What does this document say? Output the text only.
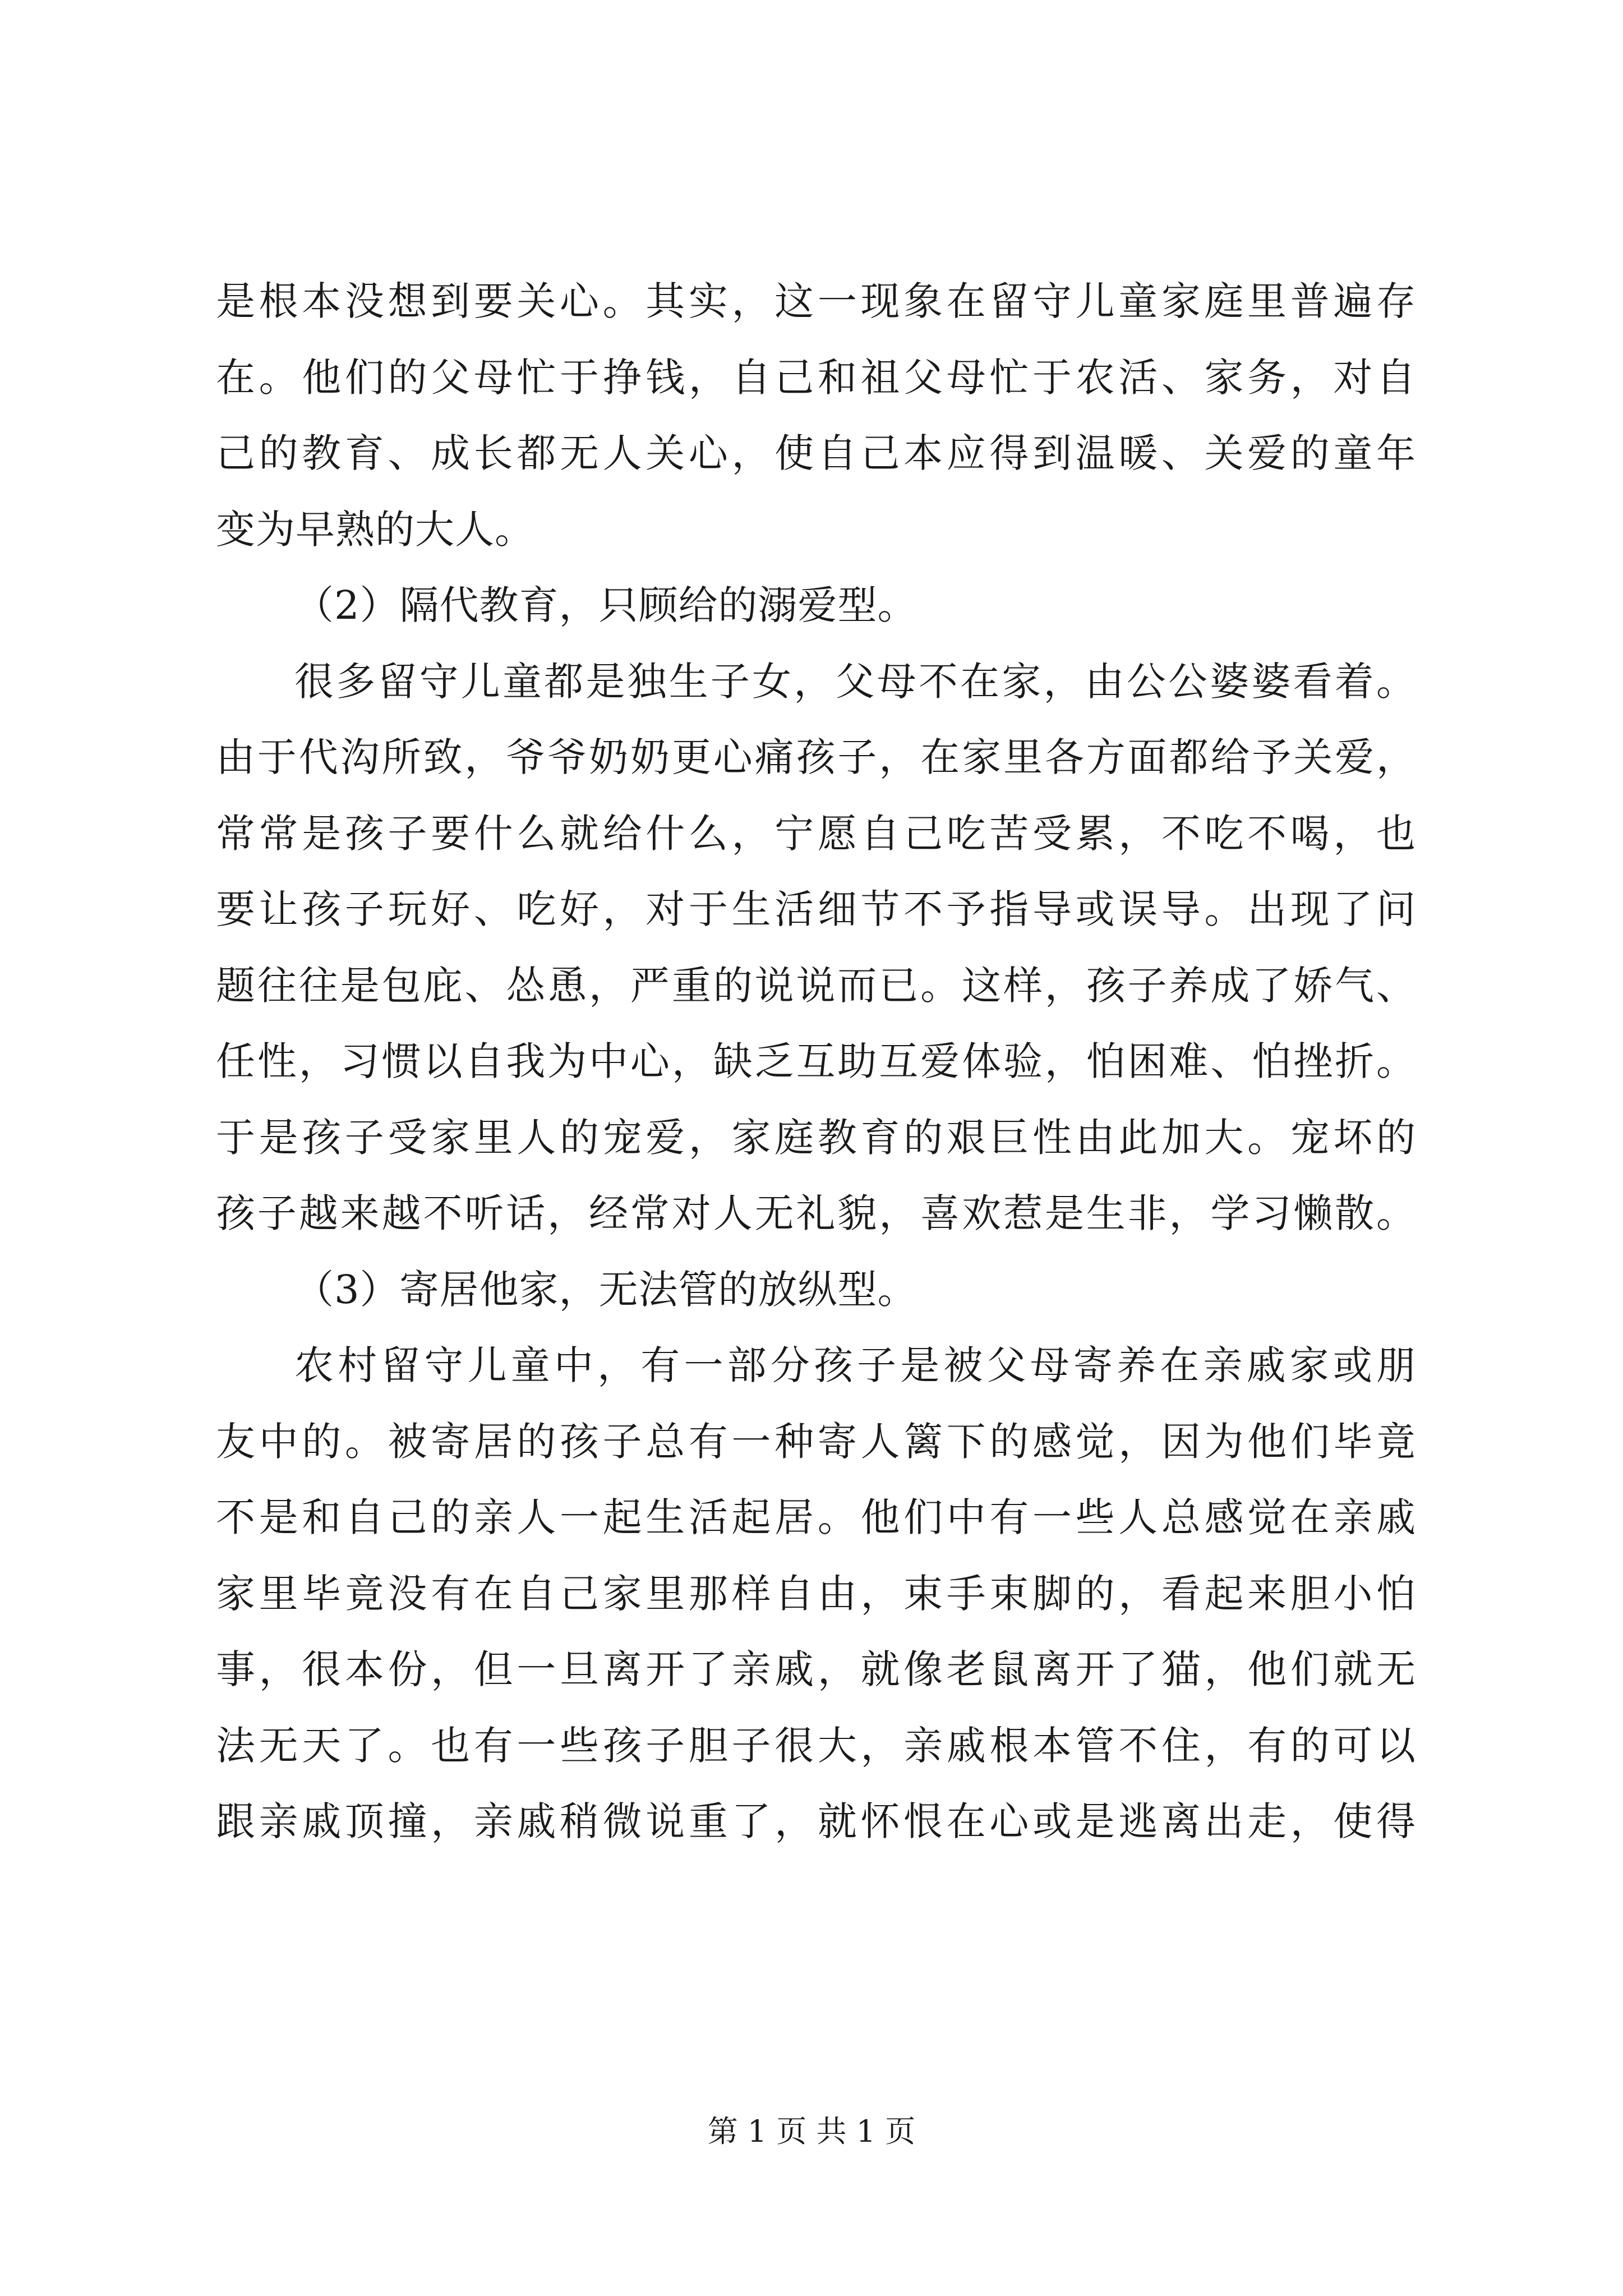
是根本没想到要关心。其实，这一现象在留守儿童家庭里普遍存
在。他们的父母忙于挣钱，自己和祖父母忙于农活、家务，对自
己的教育、成长都无人关心，使自己本应得到温暖、关爱的童年
变为早熟的大人。
（2）隔代教育，只顾给的溺爱型。
很多留守儿童都是独生子女，父母不在家，由公公婆婆看着。
由于代沟所致，爷爷奶奶更心痛孩子，在家里各方面都给予关爱，
常常是孩子要什么就给什么，宁愿自己吃苦受累，不吃不喝，也
要让孩子玩好、吃好，对于生活细节不予指导或误导。出现了问
题往往是包庇、怂恿，严重的说说而已。这样，孩子养成了娇气、
任性，习惯以自我为中心，缺乏互助互爱体验，怕困难、怕挫折。
于是孩子受家里人的宠爱，家庭教育的艰巨性由此加大。宠坏的
孩子越来越不听话，经常对人无礼貌，喜欢惹是生非，学习懒散。
（3）寄居他家，无法管的放纵型。
农村留守儿童中，有一部分孩子是被父母寄养在亲戚家或朋
友中的。被寄居的孩子总有一种寄人篱下的感觉，因为他们毕竟
不是和自己的亲人一起生活起居。他们中有一些人总感觉在亲戚
家里毕竟没有在自己家里那样自由，束手束脚的，看起来胆小怕
事，很本份，但一旦离开了亲戚，就像老鼠离开了猫，他们就无
法无天了。也有一些孩子胆子很大，亲戚根本管不住，有的可以
跟亲戚顶撞，亲戚稍微说重了，就怀恨在心或是逃离出走，使得
第 1 页 共 1 页
